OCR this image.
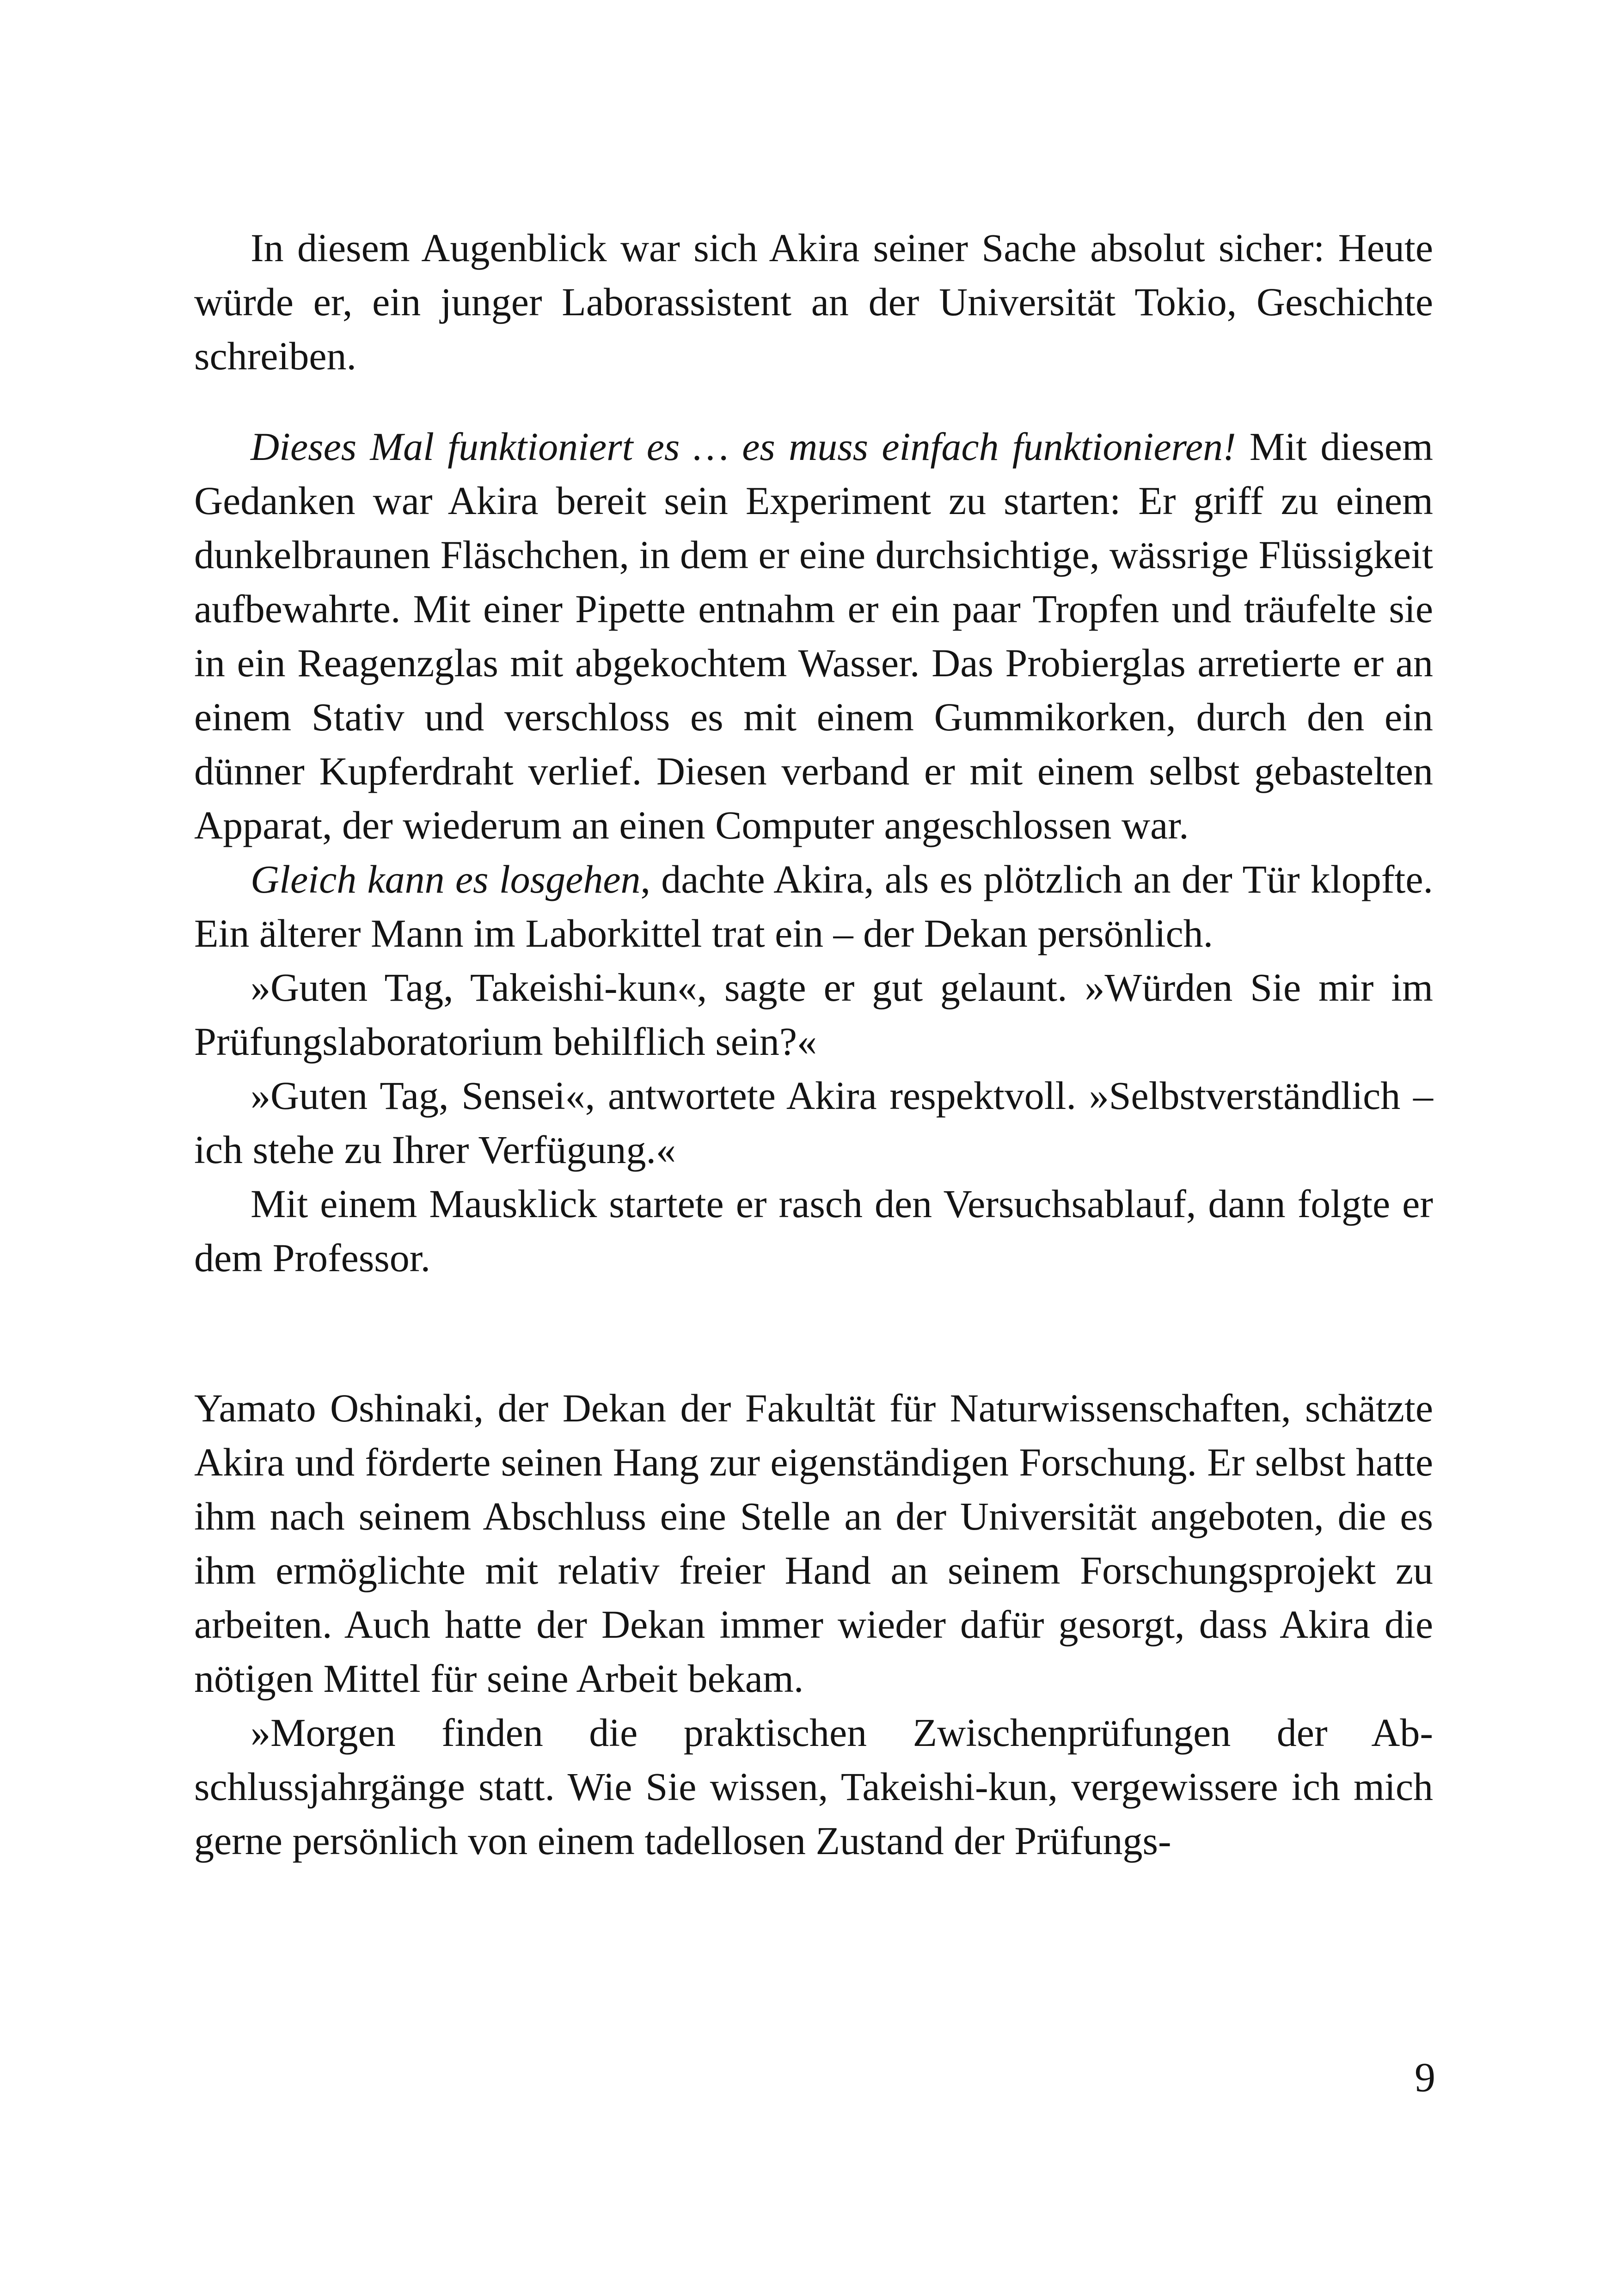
In diesem Augenblick war sich Akira seiner Sache absolut sicher: Heute würde er, ein junger Laborassistent an der Universität Tokio, Geschichte schreiben.

Dieses Mal funktioniert es … es muss einfach funktionieren! Mit diesem Gedanken war Akira bereit sein Experiment zu starten: Er griff zu einem dunkelbraunen Fläschchen, in dem er eine durchsichtige, wässrige Flüssigkeit aufbewahrte. Mit einer Pipette entnahm er ein paar Tropfen und träufelte sie in ein Reagenzglas mit abgekochtem Wasser. Das Probierglas arretierte er an einem Stativ und verschloss es mit einem Gummikorken, durch den ein dünner Kupferdraht verlief. Diesen verband er mit einem selbst gebastelten Apparat, der wiederum an einen Computer angeschlossen war.

Gleich kann es losgehen, dachte Akira, als es plötzlich an der Tür klopfte. Ein älterer Mann im Laborkittel trat ein – der Dekan persönlich.

»Guten Tag, Takeishi-kun«, sagte er gut gelaunt. »Würden Sie mir im Prüfungslaboratorium behilflich sein?«

»Guten Tag, Sensei«, antwortete Akira respektvoll. »Selbstverständlich – ich stehe zu Ihrer Verfügung.«

Mit einem Mausklick startete er rasch den Versuchsablauf, dann folgte er dem Professor.

Yamato Oshinaki, der Dekan der Fakultät für Naturwissenschaften, schätzte Akira und förderte seinen Hang zur eigenständigen Forschung. Er selbst hatte ihm nach seinem Abschluss eine Stelle an der Universität angeboten, die es ihm ermöglichte mit relativ freier Hand an seinem Forschungsprojekt zu arbeiten. Auch hatte der Dekan immer wieder dafür gesorgt, dass Akira die nötigen Mittel für seine Arbeit bekam.

»Morgen finden die praktischen Zwischenprüfungen der Abschlussjahrgänge statt. Wie Sie wissen, Takeishi-kun, vergewissere ich mich gerne persönlich von einem tadellosen Zustand der Prüfungs-

9
